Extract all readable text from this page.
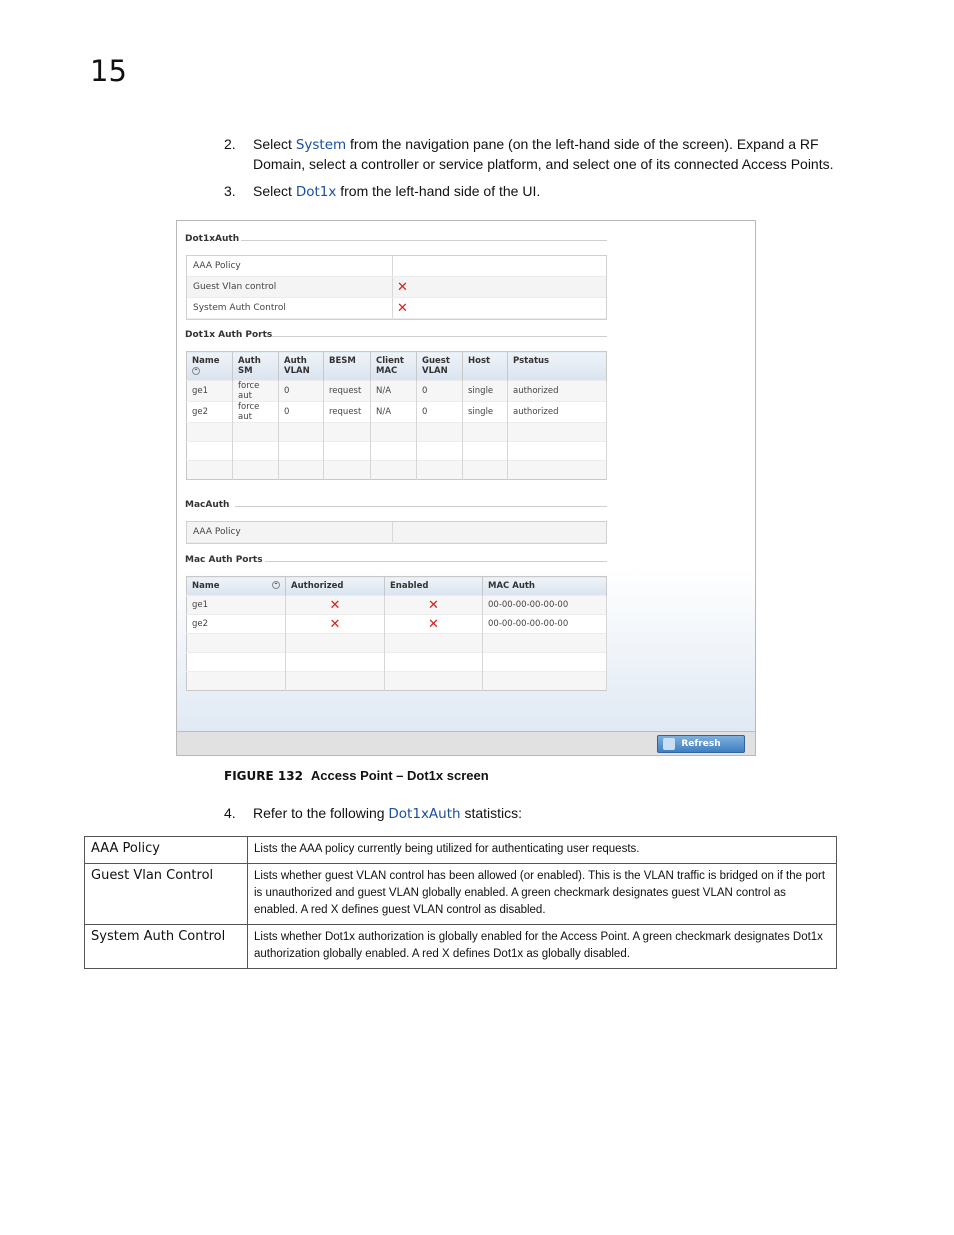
15
2. Select System from the navigation pane (on the left-hand side of the screen). Expand a RF Domain, select a controller or service platform, and select one of its connected Access Points.
3. Select Dot1x from the left-hand side of the UI.
Dot1xAuth
AAA Policy
Guest Vlan control	✕
System Auth Control	✕
Dot1x Auth Ports
Name ⌃	Auth SM	Auth VLAN	BESM	Client MAC	Guest VLAN	Host	Pstatus
ge1	force aut	0	request	N/A	0	single	authorized
ge2	force aut	0	request	N/A	0	single	authorized

MacAuth
AAA Policy
Mac Auth Ports
Name ⌃	Authorized	Enabled	MAC Auth
ge1	✕	✕	00-00-00-00-00-00
ge2	✕	✕	00-00-00-00-00-00

Refresh
FIGURE 132 Access Point – Dot1x screen
4. Refer to the following Dot1xAuth statistics:
AAA Policy	Lists the AAA policy currently being utilized for authenticating user requests.
Guest Vlan Control	Lists whether guest VLAN control has been allowed (or enabled). This is the VLAN traffic is bridged on if the port is unauthorized and guest VLAN globally enabled. A green checkmark designates guest VLAN control as enabled. A red X defines guest VLAN control as disabled.
System Auth Control	Lists whether Dot1x authorization is globally enabled for the Access Point. A green checkmark designates Dot1x authorization globally enabled. A red X defines Dot1x as globally disabled.
